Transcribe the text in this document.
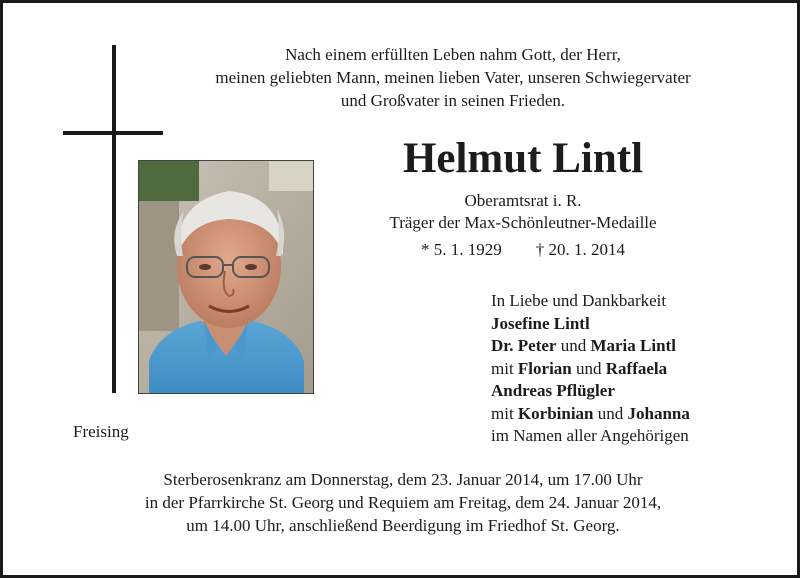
Nach einem erfüllten Leben nahm Gott, der Herr,
meinen geliebten Mann, meinen lieben Vater, unseren Schwiegervater
und Großvater in seinen Frieden.
Helmut Lintl
Oberamtsrat i. R.
Träger der Max-Schönleutner-Medaille
* 5. 1. 1929 † 20. 1. 2014
In Liebe und Dankbarkeit
Josefine Lintl
Dr. Peter und Maria Lintl
mit Florian und Raffaela
Andreas Pflügler
mit Korbinian und Johanna
im Namen aller Angehörigen
Freising
Sterberosenkranz am Donnerstag, dem 23. Januar 2014, um 17.00 Uhr
in der Pfarrkirche St. Georg und Requiem am Freitag, dem 24. Januar 2014,
um 14.00 Uhr, anschließend Beerdigung im Friedhof St. Georg.
